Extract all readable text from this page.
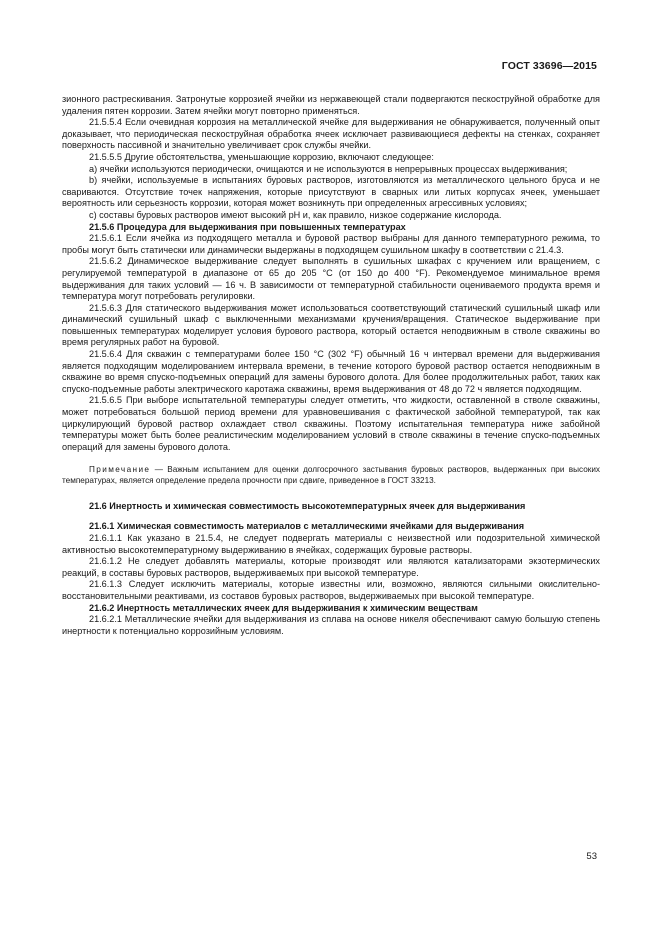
ГОСТ 33696—2015

зионного растрескивания. Затронутые коррозией ячейки из нержавеющей стали подвергаются пескоструйной обработке для удаления пятен коррозии. Затем ячейки могут повторно применяться.

21.5.5.4 Если очевидная коррозия на металлической ячейке для выдерживания не обнаруживается, полученный опыт доказывает, что периодическая пескоструйная обработка ячеек исключает развивающиеся дефекты на стенках, сохраняет поверхность пассивной и значительно увеличивает срок службы ячейки.

21.5.5.5 Другие обстоятельства, уменьшающие коррозию, включают следующее:

а) ячейки используются периодически, очищаются и не используются в непрерывных процессах выдерживания;

b) ячейки, используемые в испытаниях буровых растворов, изготовляются из металлического цельного бруса и не свариваются. Отсутствие точек напряжения, которые присутствуют в сварных или литых корпусах ячеек, уменьшает вероятность или серьезность коррозии, которая может возникнуть при определенных агрессивных условиях;

с) составы буровых растворов имеют высокий рН и, как правило, низкое содержание кислорода.

21.5.6 Процедура для выдерживания при повышенных температурах

21.5.6.1 Если ячейка из подходящего металла и буровой раствор выбраны для данного температурного режима, то пробы могут быть статически или динамически выдержаны в подходящем сушильном шкафу в соответствии с 21.4.3.

21.5.6.2 Динамическое выдерживание следует выполнять в сушильных шкафах с кручением или вращением, с регулируемой температурой в диапазоне от 65 до 205 °С (от 150 до 400 °F). Рекомендуемое минимальное время выдерживания для таких условий — 16 ч. В зависимости от температурной стабильности оцениваемого продукта время и температура могут потребовать регулировки.

21.5.6.3 Для статического выдерживания может использоваться соответствующий статический сушильный шкаф или динамический сушильный шкаф с выключенными механизмами кручения/вращения. Статическое выдерживание при повышенных температурах моделирует условия бурового раствора, который остается неподвижным в стволе скважины во время регулярных работ на буровой.

21.5.6.4 Для скважин с температурами более 150 °С (302 °F) обычный 16 ч интервал времени для выдерживания является подходящим моделированием интервала времени, в течение которого буровой раствор остается неподвижным в скважине во время спуско-подъемных операций для замены бурового долота. Для более продолжительных работ, таких как спуско-подъемные работы электрического каротажа скважины, время выдерживания от 48 до 72 ч является подходящим.

21.5.6.5 При выборе испытательной температуры следует отметить, что жидкости, оставленной в стволе скважины, может потребоваться большой период времени для уравновешивания с фактической забойной температурой, так как циркулирующий буровой раствор охлаждает ствол скважины. Поэтому испытательная температура ниже забойной температуры может быть более реалистическим моделированием условий в стволе скважины в течение спуско-подъемных операций для замены бурового долота.

Примечание — Важным испытанием для оценки долгосрочного застывания буровых растворов, выдержанных при высоких температурах, является определение предела прочности при сдвиге, приведенное в ГОСТ 33213.

21.6 Инертность и химическая совместимость высокотемпературных ячеек для выдерживания

21.6.1 Химическая совместимость материалов с металлическими ячейками для выдерживания

21.6.1.1 Как указано в 21.5.4, не следует подвергать материалы с неизвестной или подозрительной химической активностью высокотемпературному выдерживанию в ячейках, содержащих буровые растворы.

21.6.1.2 Не следует добавлять материалы, которые производят или являются катализаторами экзотермических реакций, в составы буровых растворов, выдерживаемых при высокой температуре.

21.6.1.3 Следует исключить материалы, которые известны или, возможно, являются сильными окислительно-восстановительными реактивами, из составов буровых растворов, выдерживаемых при высокой температуре.

21.6.2 Инертность металлических ячеек для выдерживания к химическим веществам

21.6.2.1 Металлические ячейки для выдерживания из сплава на основе никеля обеспечивают самую большую степень инертности к потенциально коррозийным условиям.

53
